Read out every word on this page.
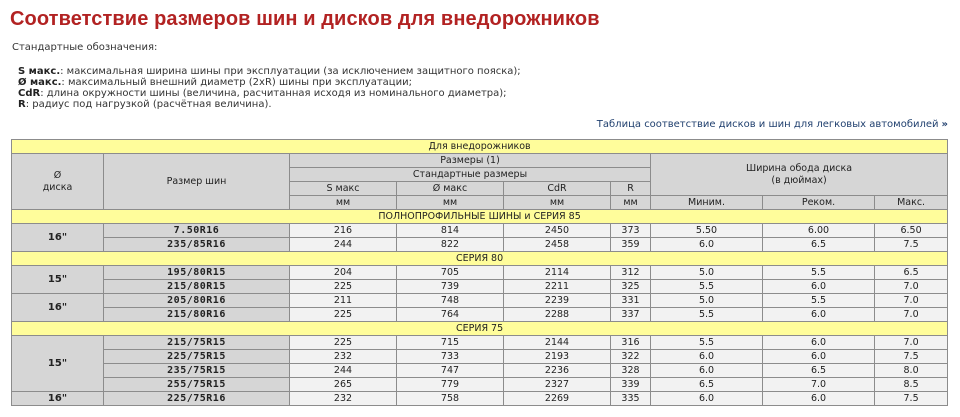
Соответствие размеров шин и дисков для внедорожников
Стандартные обозначения:
S макс.: максимальная ширина шины при эксплуатации (за исключением защитного пояска);
Ø макс.: максимальный внешний диаметр (2xR) шины при эксплуатации;
CdR: длина окружности шины (величина, расчитанная исходя из номинального диаметра);
R: радиус под нагрузкой (расчётная величина).
Таблица соответствие дисков и шин для легковых автомобилей »
Для внедорожников								
Ø
диска	Размер шин	Размеры (1)				Ширина обода диска
(в дюймах)		
		Стандартные размеры						
		S макс	Ø макс	CdR	R			
		мм	мм	мм	мм	Миним.	Реком.	Макс.
ПОЛНОПРОФИЛЬНЫЕ ШИНЫ и СЕРИЯ 85								
16"	7.50R16	216	814	2450	373	5.50	6.00	6.50
	235/85R16	244	822	2458	359	6.0	6.5	7.5
СЕРИЯ 80								
15"	195/80R15	204	705	2114	312	5.0	5.5	6.5
	215/80R15	225	739	2211	325	5.5	6.0	7.0
16"	205/80R16	211	748	2239	331	5.0	5.5	7.0
	215/80R16	225	764	2288	337	5.5	6.0	7.0
СЕРИЯ 75								
15"	215/75R15	225	715	2144	316	5.5	6.0	7.0
	225/75R15	232	733	2193	322	6.0	6.0	7.5
	235/75R15	244	747	2236	328	6.0	6.5	8.0
	255/75R15	265	779	2327	339	6.5	7.0	8.5
16"	225/75R16	232	758	2269	335	6.0	6.0	7.5
